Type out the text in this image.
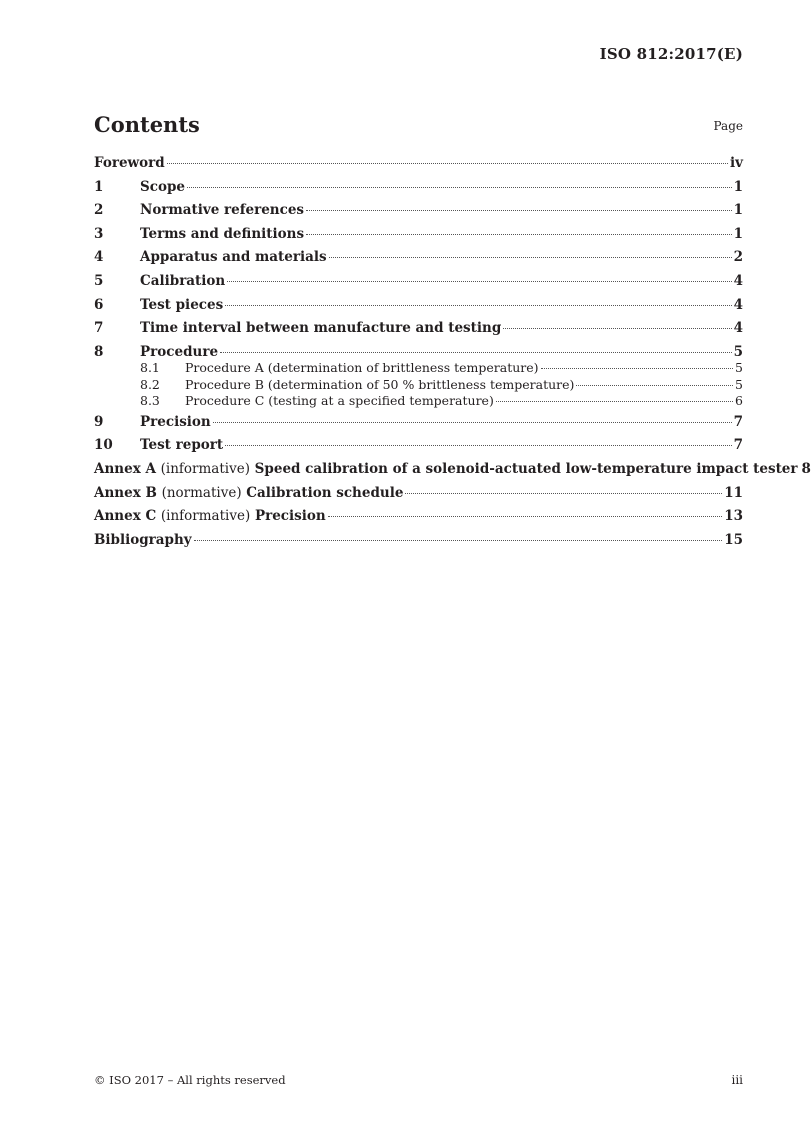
ISO 812:2017(E)
Contents	Page
Foreword	iv
1	Scope	1
2	Normative references	1
3	Terms and definitions	1
4	Apparatus and materials	2
5	Calibration	4
6	Test pieces	4
7	Time interval between manufacture and testing	4
8	Procedure	5
8.1	Procedure A (determination of brittleness temperature)	5
8.2	Procedure B (determination of 50 % brittleness temperature)	5
8.3	Procedure C (testing at a specified temperature)	6
9	Precision	7
10	Test report	7
Annex A (informative) Speed calibration of a solenoid-actuated low-temperature impact tester 8
Annex B (normative) Calibration schedule	11
Annex C (informative) Precision	13
Bibliography	15
© ISO 2017 – All rights reserved	iii
